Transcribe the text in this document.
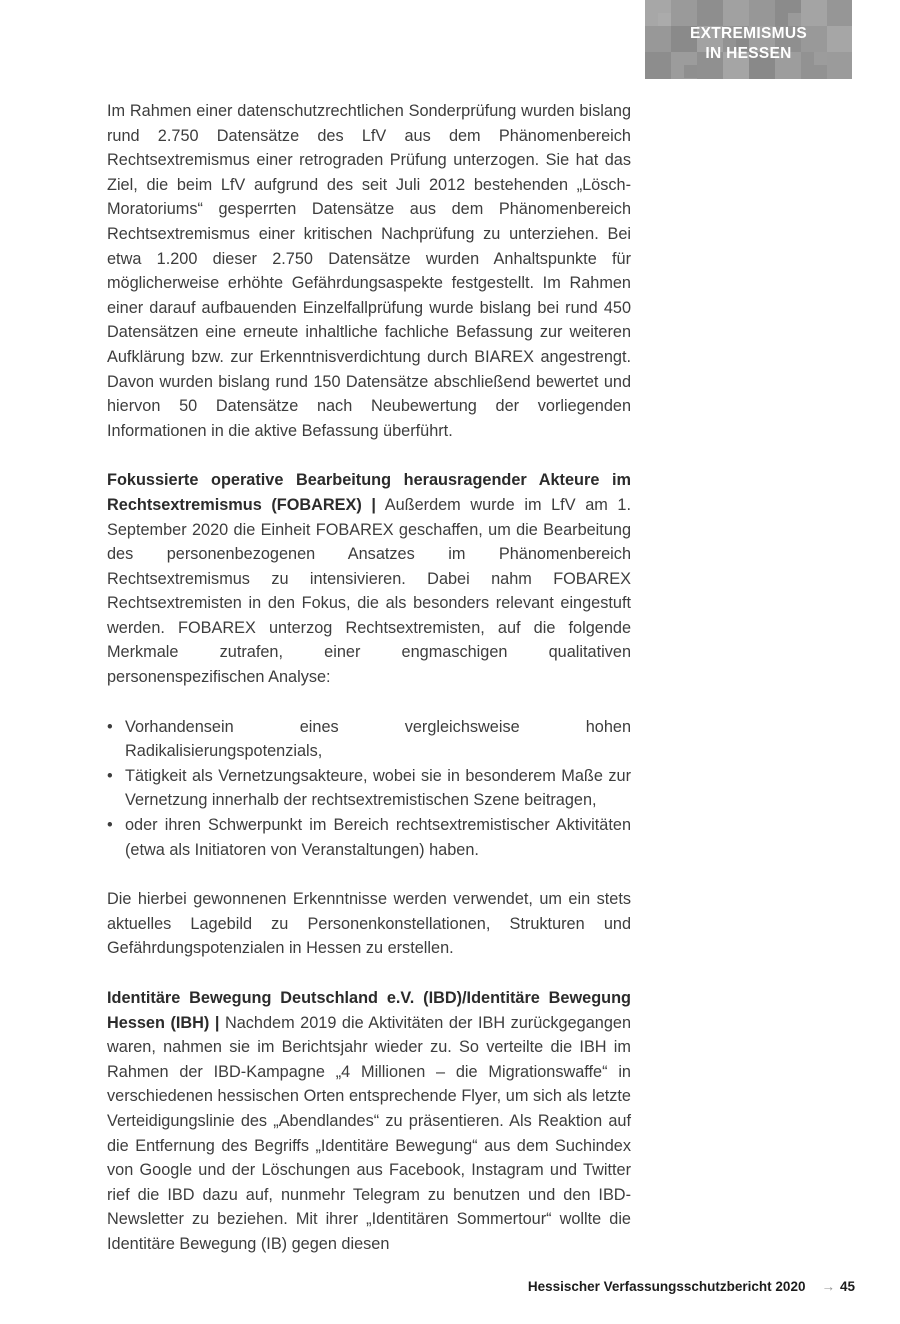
EXTREMISMUS
IN HESSEN

Im Rahmen einer datenschutzrechtlichen Sonderprüfung wurden bislang rund 2.750 Datensätze des LfV aus dem Phänomenbereich Rechtsextremismus einer retrograden Prüfung unterzogen. Sie hat das Ziel, die beim LfV aufgrund des seit Juli 2012 bestehenden „Lösch-Moratoriums“ gesperrten Datensätze aus dem Phänomenbereich Rechtsextremismus einer kritischen Nachprüfung zu unterziehen. Bei etwa 1.200 dieser 2.750 Datensätze wurden Anhaltspunkte für möglicherweise erhöhte Gefährdungsaspekte festgestellt. Im Rahmen einer darauf aufbauenden Einzelfallprüfung wurde bislang bei rund 450 Datensätzen eine erneute inhaltliche fachliche Befassung zur weiteren Aufklärung bzw. zur Erkenntnisverdichtung durch BIAREX angestrengt. Davon wurden bislang rund 150 Datensätze abschließend bewertet und hiervon 50 Datensätze nach Neubewertung der vorliegenden Informationen in die aktive Befassung überführt.

Fokussierte operative Bearbeitung herausragender Akteure im Rechtsextremismus (FOBAREX) | Außerdem wurde im LfV am 1. September 2020 die Einheit FOBAREX geschaffen, um die Bearbeitung des personenbezogenen Ansatzes im Phänomenbereich Rechtsextremismus zu intensivieren. Dabei nahm FOBAREX Rechtsextremisten in den Fokus, die als besonders relevant eingestuft werden. FOBAREX unterzog Rechtsextremisten, auf die folgende Merkmale zutrafen, einer engmaschigen qualitativen personenspezifischen Analyse:

• Vorhandensein eines vergleichsweise hohen Radikalisierungspotenzials,
• Tätigkeit als Vernetzungsakteure, wobei sie in besonderem Maße zur Vernetzung innerhalb der rechtsextremistischen Szene beitragen,
• oder ihren Schwerpunkt im Bereich rechtsextremistischer Aktivitäten (etwa als Initiatoren von Veranstaltungen) haben.

Die hierbei gewonnenen Erkenntnisse werden verwendet, um ein stets aktuelles Lagebild zu Personenkonstellationen, Strukturen und Gefährdungspotenzialen in Hessen zu erstellen.

Identitäre Bewegung Deutschland e.V. (IBD)/Identitäre Bewegung Hessen (IBH) | Nachdem 2019 die Aktivitäten der IBH zurückgegangen waren, nahmen sie im Berichtsjahr wieder zu. So verteilte die IBH im Rahmen der IBD-Kampagne „4 Millionen – die Migrationswaffe“ in verschiedenen hessischen Orten entsprechende Flyer, um sich als letzte Verteidigungslinie des „Abendlandes“ zu präsentieren. Als Reaktion auf die Entfernung des Begriffs „Identitäre Bewegung“ aus dem Suchindex von Google und der Löschungen aus Facebook, Instagram und Twitter rief die IBD dazu auf, nunmehr Telegram zu benutzen und den IBD-Newsletter zu beziehen. Mit ihrer „Identitären Sommertour“ wollte die Identitäre Bewegung (IB) gegen diesen

Hessischer Verfassungsschutzbericht 2020 → 45
